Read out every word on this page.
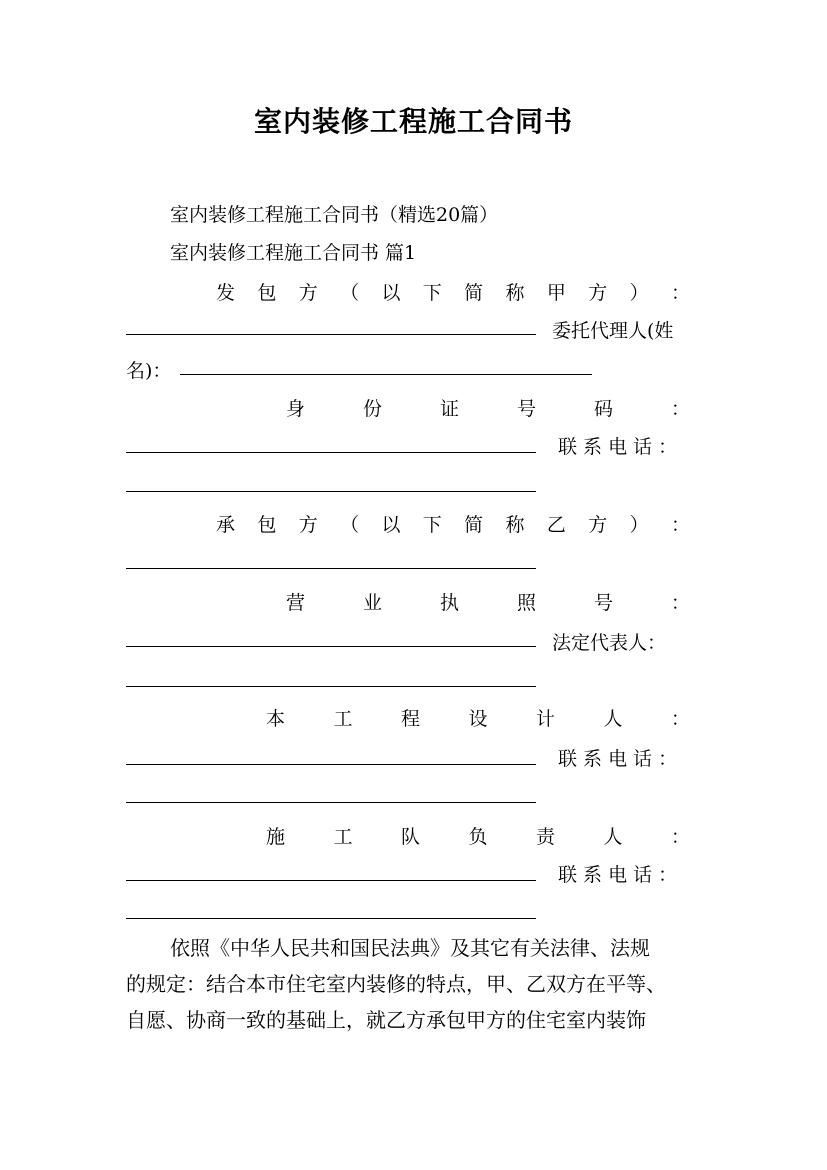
室内装修工程施工合同书
室内装修工程施工合同书（精选20篇）
室内装修工程施工合同书 篇1
发 包 方 （ 以 下 简 称 甲 方 ） ：
委托代理人(姓
名)：
身	份	证	号	码	：
联 系 电 话 ：
承 包 方 （ 以 下 简 称 乙 方 ） ：
营	业	执	照	号	：
法定代表人：
本	工	程	设	计	人	：
联 系 电 话 ：
施	工	队	负	责	人	：
联 系 电 话 ：
依照《中华人民共和国民法典》及其它有关法律、法规
的规定：结合本市住宅室内装修的特点，甲、乙双方在平等、
自愿、协商一致的基础上，就乙方承包甲方的住宅室内装饰
